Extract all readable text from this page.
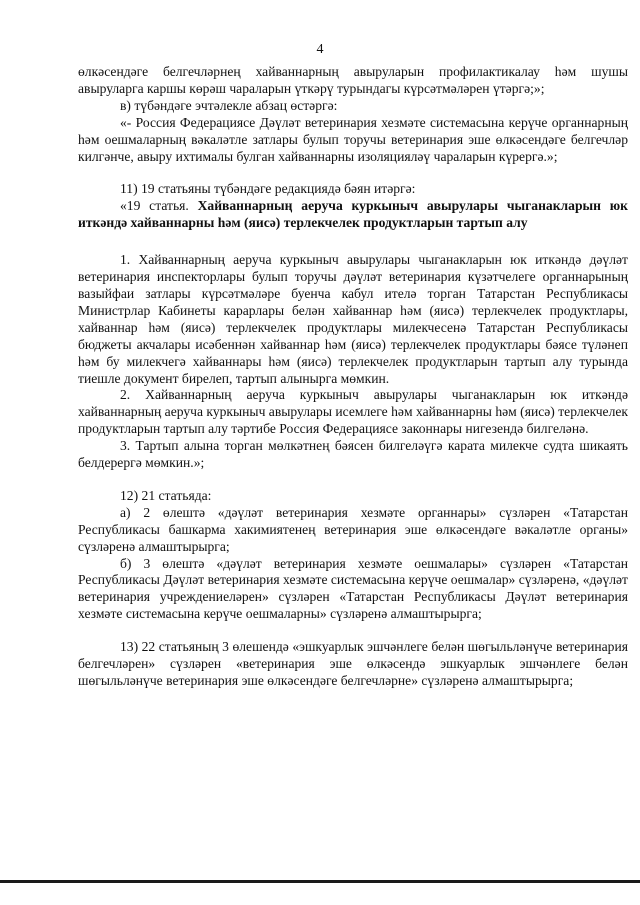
4

өлкәсендәге белгечләрнең хайваннарның авыруларын профилактикалау һәм шушы авыруларга каршы көрәш чараларын үткәрү турындагы күрсәтмәләрен үтәргә;»;

в) түбәндәге эчтәлекле абзац өстәргә:

«- Россия Федерациясе Дәүләт ветеринария хезмәте системасына керүче органнарның һәм оешмаларның вәкаләтле затлары булып торучы ветеринария эше өлкәсендәге белгечләр килгәнче, авыру ихтималы булган хайваннарны изоляцияләү чараларын күрергә.»;

11) 19 статьяны түбәндәге редакциядә бәян итәргә:

«19 статья. Хайваннарның аеруча куркыныч авырулары чыганакларын юк иткәндә хайваннарны һәм (яисә) терлекчелек продуктларын тартып алу

1. Хайваннарның аеруча куркыныч авырулары чыганакларын юк иткәндә дәүләт ветеринария инспекторлары булып торучы дәүләт ветеринария күзәтчелеге органнарының вазыйфаи затлары күрсәтмәләре буенча кабул ителә торган Татарстан Республикасы Министрлар Кабинеты карарлары белән хайваннар һәм (яисә) терлекчелек продуктлары, хайваннар һәм (яисә) терлекчелек продуктлары милекчесенә Татарстан Республикасы бюджеты акчалары исәбеннән хайваннар һәм (яисә) терлекчелек продуктлары бәясе түләнеп һәм бу милекчегә хайваннары һәм (яисә) терлекчелек продуктларын тартып алу турында тиешле документ бирелеп, тартып алынырга мөмкин.

2. Хайваннарның аеруча куркыныч авырулары чыганакларын юк иткәндә хайваннарның аеруча куркыныч авырулары исемлеге һәм хайваннарны һәм (яисә) терлекчелек продуктларын тартып алу тәртибе Россия Федерациясе законнары нигезендә билгеләнә.

3. Тартып алына торган мөлкәтнең бәясен билгеләүгә карата милекче судта шикаять белдерергә мөмкин.»;

12) 21 статьяда:

а) 2 өлештә «дәүләт ветеринария хезмәте органнары» сүзләрен «Татарстан Республикасы башкарма хакимиятенең ветеринария эше өлкәсендәге вәкаләтле органы» сүзләренә алмаштырырга;

б) 3 өлештә «дәүләт ветеринария хезмәте оешмалары» сүзләрен «Татарстан Республикасы Дәүләт ветеринария хезмәте системасына керүче оешмалар» сүзләренә, «дәүләт ветеринария учреждениеләрен» сүзләрен «Татарстан Республикасы Дәүләт ветеринария хезмәте системасына керүче оешмаларны» сүзләренә алмаштырырга;

13) 22 статьяның 3 өлешендә «эшкуарлык эшчәнлеге белән шөгыльләнүче ветеринария белгечләрен» сүзләрен «ветеринария эше өлкәсендә эшкуарлык эшчәнлеге белән шөгыльләнүче ветеринария эше өлкәсендәге белгечләрне» сүзләренә алмаштырырга;
